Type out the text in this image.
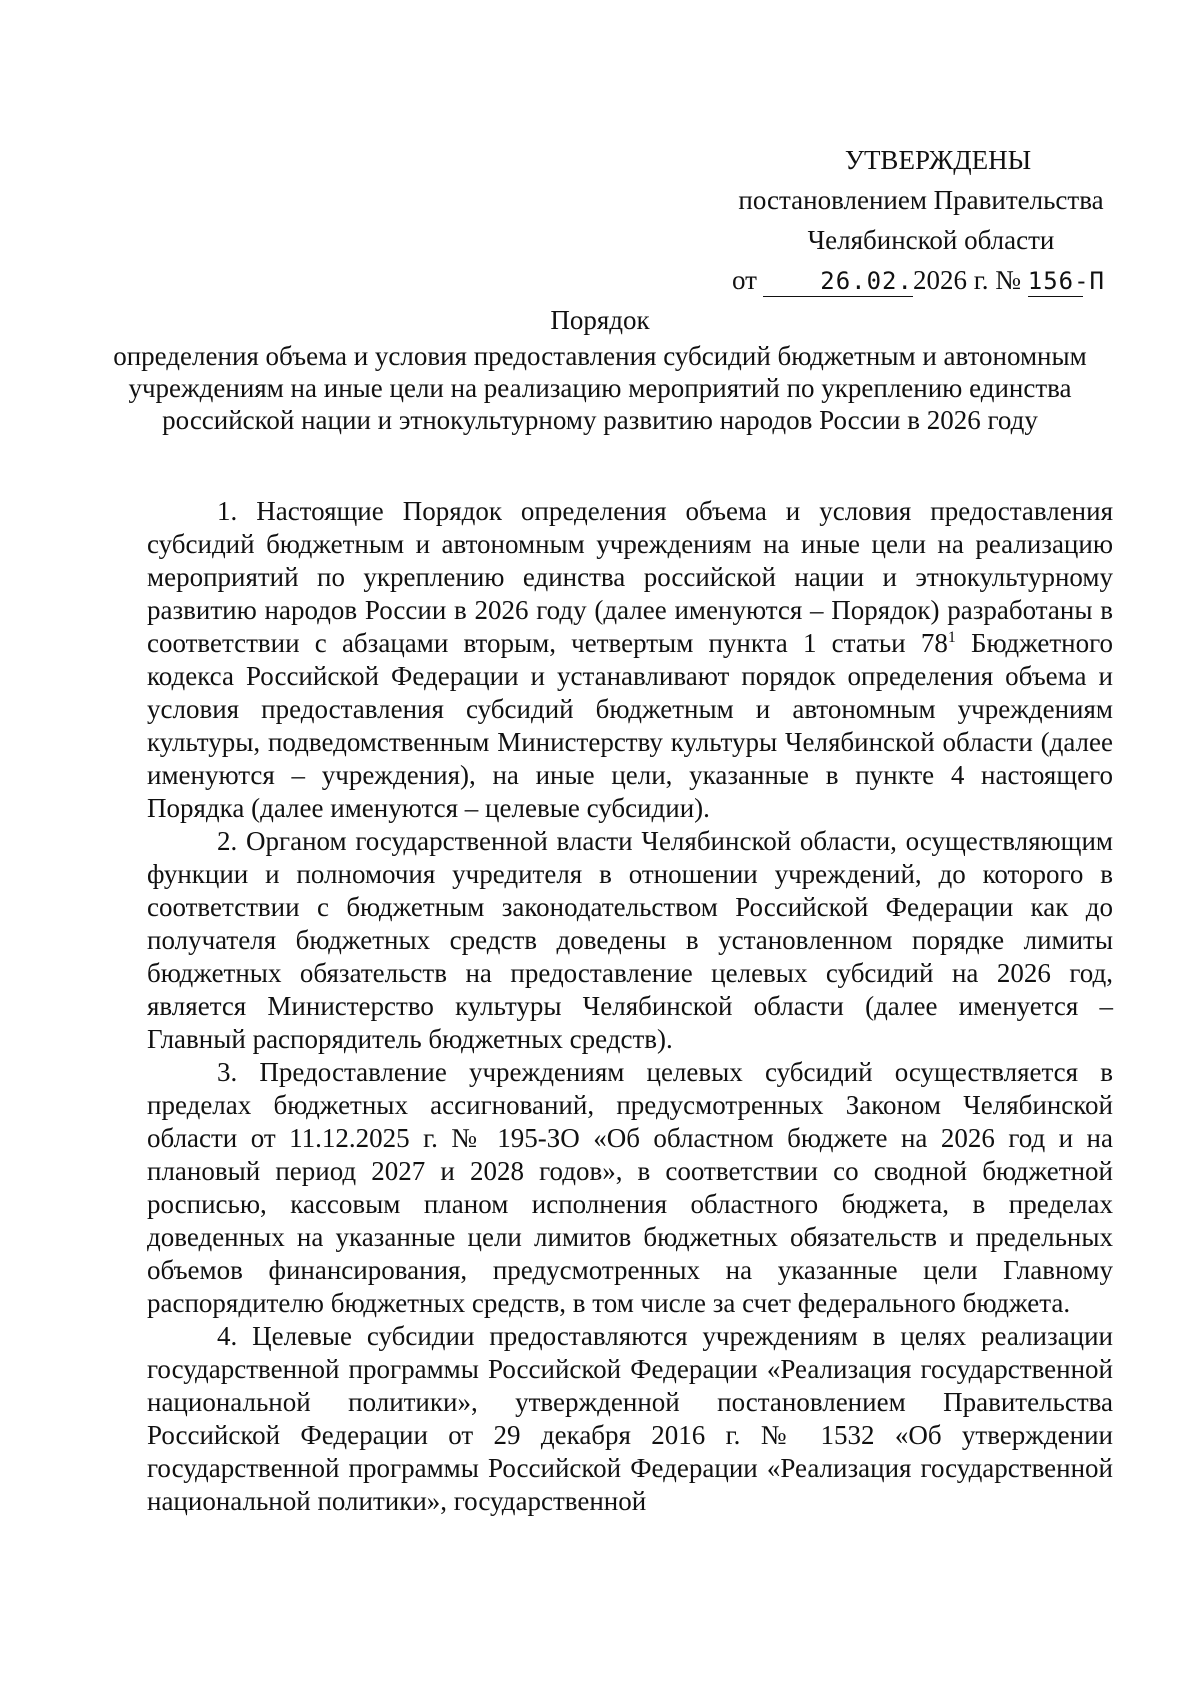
УТВЕРЖДЕНЫ
постановлением Правительства
Челябинской области
от	26.02.2026 г. № 156-П
Порядок
определения объема и условия предоставления субсидий бюджетным и автономным учреждениям на иные цели на реализацию мероприятий по укреплению единства российской нации и этнокультурному развитию народов России в 2026 году

1. Настоящие Порядок определения объема и условия предоставления субсидий бюджетным и автономным учреждениям на иные цели на реализацию мероприятий по укреплению единства российской нации и этнокультурному развитию народов России в 2026 году (далее именуются – Порядок) разработаны в соответствии с абзацами вторым, четвертым пункта 1 статьи $78^1$ Бюджетного кодекса Российской Федерации и устанавливают порядок определения объема и условия предоставления субсидий бюджетным и автономным учреждениям культуры, подведомственным Министерству культуры Челябинской области (далее именуются – учреждения), на иные цели, указанные в пункте 4 настоящего Порядка (далее именуются – целевые субсидии).

2. Органом государственной власти Челябинской области, осуществляющим функции и полномочия учредителя в отношении учреждений, до которого в соответствии с бюджетным законодательством Российской Федерации как до получателя бюджетных средств доведены в установленном порядке лимиты бюджетных обязательств на предоставление целевых субсидий на 2026 год, является Министерство культуры Челябинской области (далее именуется – Главный распорядитель бюджетных средств).

3. Предоставление учреждениям целевых субсидий осуществляется в пределах бюджетных ассигнований, предусмотренных Законом Челябинской области от 11.12.2025 г. № 195-ЗО «Об областном бюджете на 2026 год и на плановый период 2027 и 2028 годов», в соответствии со сводной бюджетной росписью, кассовым планом исполнения областного бюджета, в пределах доведенных на указанные цели лимитов бюджетных обязательств и предельных объемов финансирования, предусмотренных на указанные цели Главному распорядителю бюджетных средств, в том числе за счет федерального бюджета.

4. Целевые субсидии предоставляются учреждениям в целях реализации государственной программы Российской Федерации «Реализация государственной национальной политики», утвержденной постановлением Правительства Российской Федерации от 29 декабря 2016 г. № 1532 «Об утверждении государственной программы Российской Федерации «Реализация государственной национальной политики», государственной
